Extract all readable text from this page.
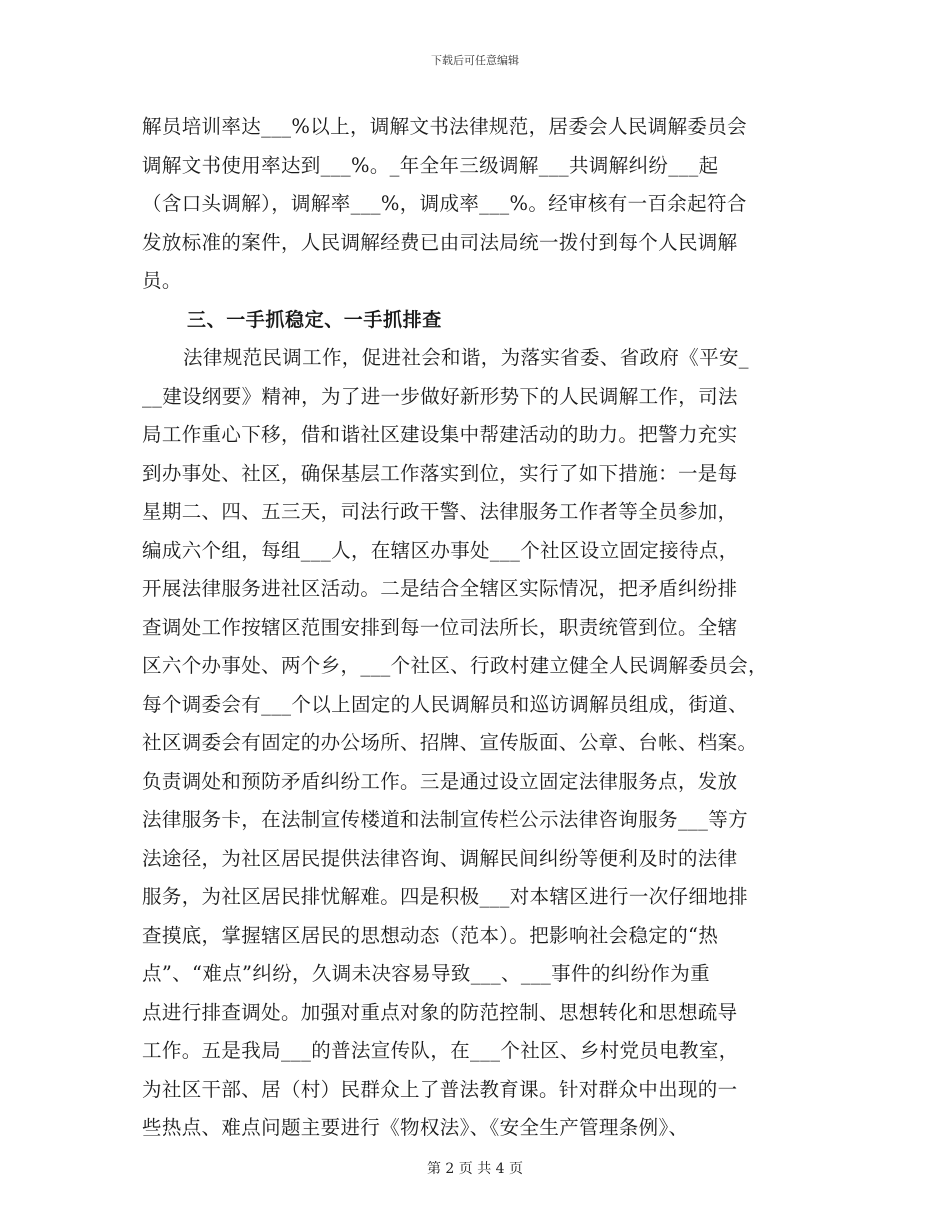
下载后可任意编辑
解员培训率达___%以上，调解文书法律规范，居委会人民调解委员会
调解文书使用率达到___%。_年全年三级调解___共调解纠纷___起
（含口头调解），调解率___%，调成率___%。经审核有一百余起符合
发放标准的案件，人民调解经费已由司法局统一拨付到每个人民调解
员。
三、一手抓稳定、一手抓排查
法律规范民调工作，促进社会和谐，为落实省委、省政府《平安_
__建设纲要》精神，为了进一步做好新形势下的人民调解工作，司法
局工作重心下移，借和谐社区建设集中帮建活动的助力。把警力充实
到办事处、社区，确保基层工作落实到位，实行了如下措施：一是每
星期二、四、五三天，司法行政干警、法律服务工作者等全员参加，
编成六个组，每组___人，在辖区办事处___个社区设立固定接待点，
开展法律服务进社区活动。二是结合全辖区实际情况，把矛盾纠纷排
查调处工作按辖区范围安排到每一位司法所长，职责统管到位。全辖
区六个办事处、两个乡，___个社区、行政村建立健全人民调解委员会，
每个调委会有___个以上固定的人民调解员和巡访调解员组成，街道、
社区调委会有固定的办公场所、招牌、宣传版面、公章、台帐、档案。
负责调处和预防矛盾纠纷工作。三是通过设立固定法律服务点，发放
法律服务卡，在法制宣传楼道和法制宣传栏公示法律咨询服务___等方
法途径，为社区居民提供法律咨询、调解民间纠纷等便利及时的法律
服务，为社区居民排忧解难。四是积极___对本辖区进行一次仔细地排
查摸底，掌握辖区居民的思想动态（范本）。把影响社会稳定的“热
点”、“难点”纠纷，久调未决容易导致___、___事件的纠纷作为重
点进行排查调处。加强对重点对象的防范控制、思想转化和思想疏导
工作。五是我局___的普法宣传队，在___个社区、乡村党员电教室，
为社区干部、居（村）民群众上了普法教育课。针对群众中出现的一
些热点、难点问题主要进行《物权法》、《安全生产管理条例》、
第 2 页 共 4 页
